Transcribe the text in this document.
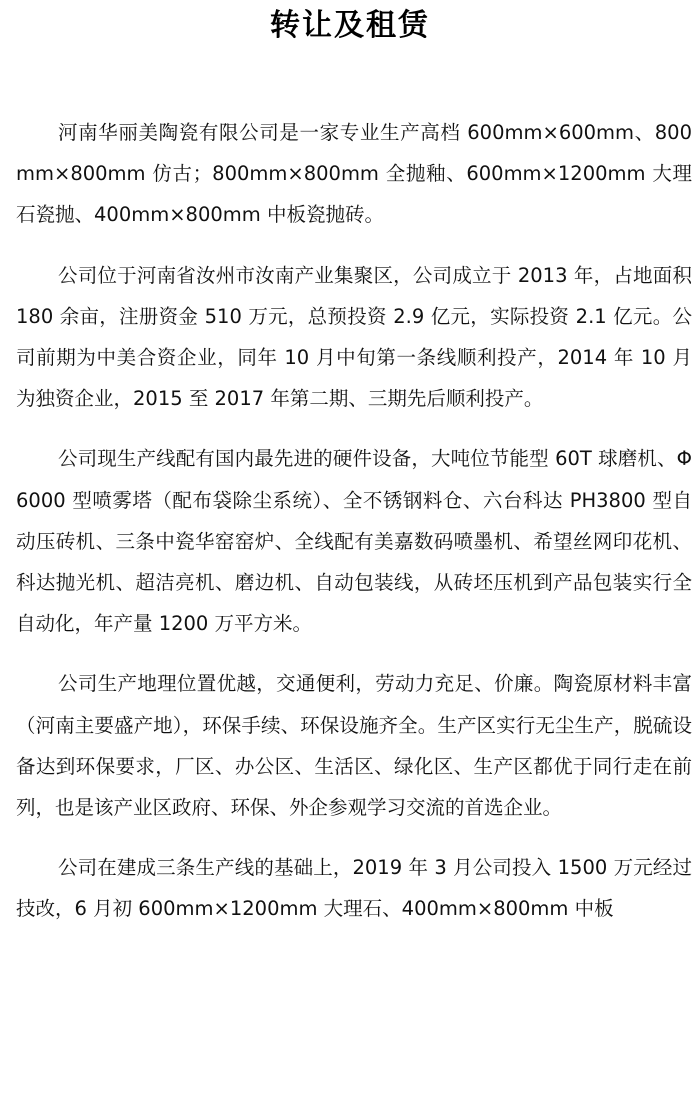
转让及租赁

河南华丽美陶瓷有限公司是一家专业生产高档 600mm×600mm、800mm×800mm 仿古；800mm×800mm 全抛釉、600mm×1200mm 大理石瓷抛、400mm×800mm 中板瓷抛砖。

公司位于河南省汝州市汝南产业集聚区，公司成立于 2013 年，占地面积 180 余亩，注册资金 510 万元，总预投资 2.9 亿元，实际投资 2.1 亿元。公司前期为中美合资企业，同年 10 月中旬第一条线顺利投产，2014 年 10 月为独资企业，2015 至 2017 年第二期、三期先后顺利投产。

公司现生产线配有国内最先进的硬件设备，大吨位节能型 60T 球磨机、Φ6000 型喷雾塔（配布袋除尘系统）、全不锈钢料仓、六台科达 PH3800 型自动压砖机、三条中瓷华窑窑炉、全线配有美嘉数码喷墨机、希望丝网印花机、科达抛光机、超洁亮机、磨边机、自动包装线，从砖坯压机到产品包装实行全自动化，年产量 1200 万平方米。

公司生产地理位置优越，交通便利，劳动力充足、价廉。陶瓷原材料丰富（河南主要盛产地），环保手续、环保设施齐全。生产区实行无尘生产，脱硫设备达到环保要求，厂区、办公区、生活区、绿化区、生产区都优于同行走在前列，也是该产业区政府、环保、外企参观学习交流的首选企业。

公司在建成三条生产线的基础上，2019 年 3 月公司投入 1500 万元经过技改，6 月初 600mm×1200mm 大理石、400mm×800mm 中板
